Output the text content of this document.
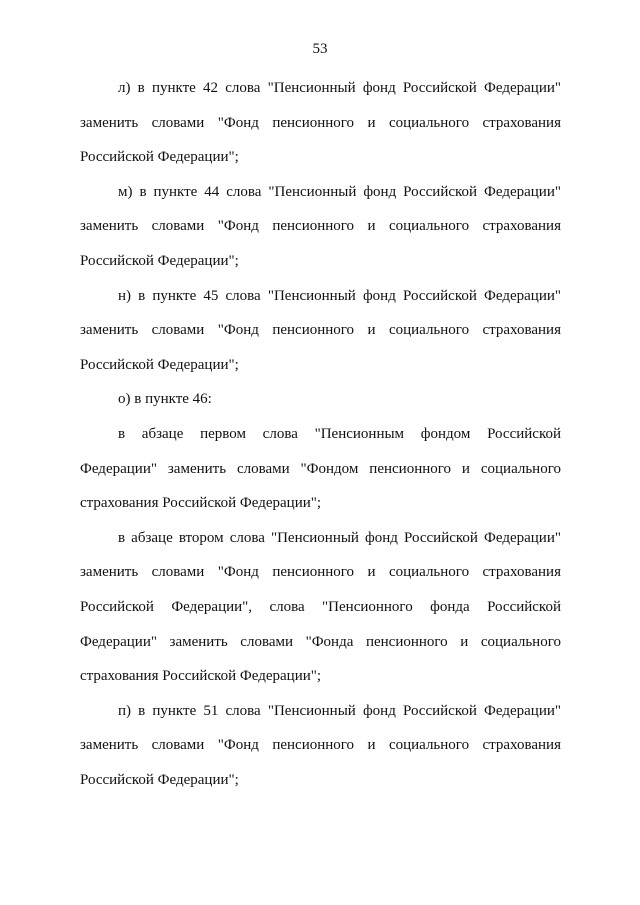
53

л) в пункте 42 слова "Пенсионный фонд Российской Федерации" заменить словами "Фонд пенсионного и социального страхования Российской Федерации";

м) в пункте 44 слова "Пенсионный фонд Российской Федерации" заменить словами "Фонд пенсионного и социального страхования Российской Федерации";

н) в пункте 45 слова "Пенсионный фонд Российской Федерации" заменить словами "Фонд пенсионного и социального страхования Российской Федерации";

о) в пункте 46:

в абзаце первом слова "Пенсионным фондом Российской Федерации" заменить словами "Фондом пенсионного и социального страхования Российской Федерации";

в абзаце втором слова "Пенсионный фонд Российской Федерации" заменить словами "Фонд пенсионного и социального страхования Российской Федерации", слова "Пенсионного фонда Российской Федерации" заменить словами "Фонда пенсионного и социального страхования Российской Федерации";

п) в пункте 51 слова "Пенсионный фонд Российской Федерации" заменить словами "Фонд пенсионного и социального страхования Российской Федерации";
